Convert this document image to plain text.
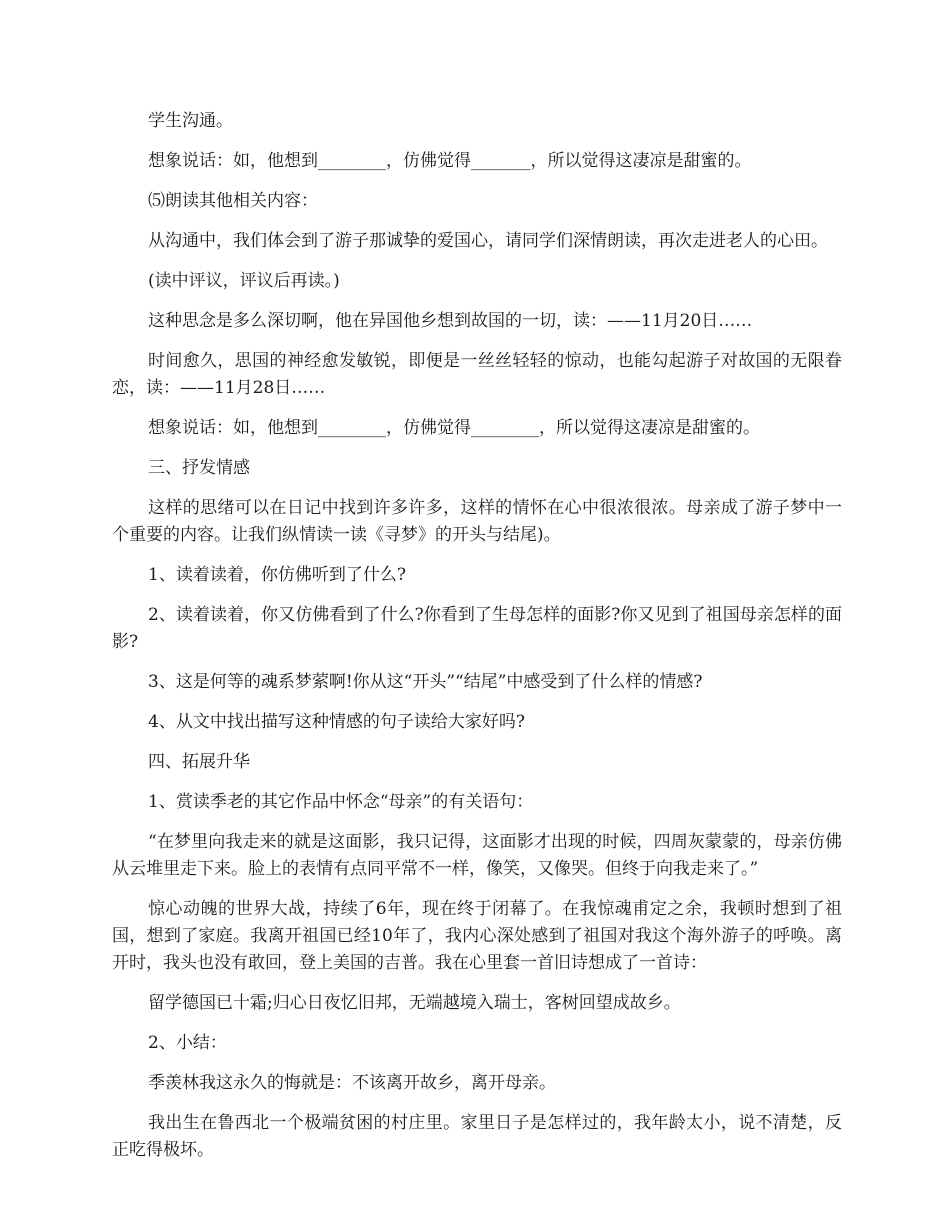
学生沟通。

想象说话：如，他想到________，仿佛觉得_______，所以觉得这凄凉是甜蜜的。

⑸朗读其他相关内容：

从沟通中，我们体会到了游子那诚挚的爱国心，请同学们深情朗读，再次走进老人的心田。

(读中评议，评议后再读。)

这种思念是多么深切啊，他在异国他乡想到故国的一切，读：——11月20日……

时间愈久，思国的神经愈发敏锐，即便是一丝丝轻轻的惊动，也能勾起游子对故国的无限眷恋，读：——11月28日……

想象说话：如，他想到________，仿佛觉得________，所以觉得这凄凉是甜蜜的。

三、抒发情感

这样的思绪可以在日记中找到许多许多，这样的情怀在心中很浓很浓。母亲成了游子梦中一个重要的内容。让我们纵情读一读《寻梦》的开头与结尾)。

1、读着读着，你仿佛听到了什么?

2、读着读着，你又仿佛看到了什么?你看到了生母怎样的面影?你又见到了祖国母亲怎样的面影?

3、这是何等的魂系梦萦啊!你从这“开头”“结尾”中感受到了什么样的情感?

4、从文中找出描写这种情感的句子读给大家好吗?

四、拓展升华

1、赏读季老的其它作品中怀念“母亲”的有关语句：

“在梦里向我走来的就是这面影，我只记得，这面影才出现的时候，四周灰蒙蒙的，母亲仿佛从云堆里走下来。脸上的表情有点同平常不一样，像笑，又像哭。但终于向我走来了。”

惊心动魄的世界大战，持续了6年，现在终于闭幕了。在我惊魂甫定之余，我顿时想到了祖国，想到了家庭。我离开祖国已经10年了，我内心深处感到了祖国对我这个海外游子的呼唤。离开时，我头也没有敢回，登上美国的吉普。我在心里套一首旧诗想成了一首诗：

留学德国已十霜;归心日夜忆旧邦，无端越境入瑞士，客树回望成故乡。

2、小结：

季羡林我这永久的悔就是：不该离开故乡，离开母亲。

我出生在鲁西北一个极端贫困的村庄里。家里日子是怎样过的，我年龄太小，说不清楚，反正吃得极坏。
